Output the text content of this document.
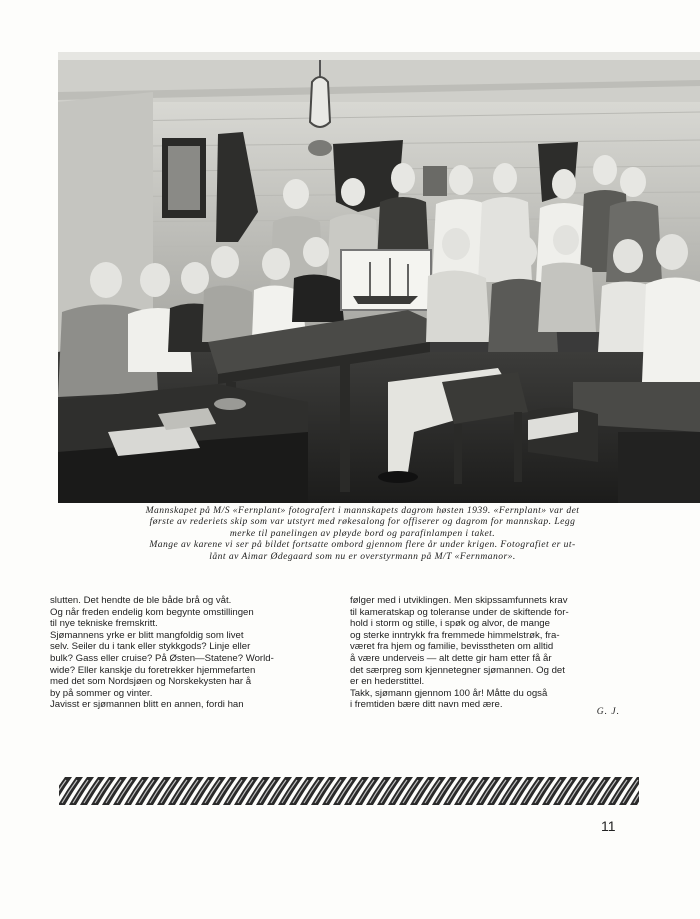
Mannskapet på M/S «Fernplant» fotografert i mannskapets dagrom høsten 1939. «Fernplant» var det
første av rederiets skip som var utstyrt med røkesalong for offiserer og dagrom for mannskap. Legg
merke til panelingen av pløyde bord og parafinlampen i taket.
Mange av karene vi ser på bildet fortsatte ombord gjennom flere år under krigen. Fotografiet er ut-
lånt av Aimar Ødegaard som nu er overstyrmann på M/T «Fernmanor».
slutten. Det hendte de ble både brå og våt.
Og når freden endelig kom begynte omstillingen
til nye tekniske fremskritt.
Sjømannens yrke er blitt mangfoldig som livet
selv. Seiler du i tank eller stykkgods? Linje eller
bulk? Gass eller cruise? På Østen—Statene? World-
wide? Eller kanskje du foretrekker hjemmefarten
med det som Nordsjøen og Norskekysten har å
by på sommer og vinter.
Javisst er sjømannen blitt en annen, fordi han
følger med i utviklingen. Men skipssamfunnets krav
til kameratskap og toleranse under de skiftende for-
hold i storm og stille, i spøk og alvor, de mange
og sterke inntrykk fra fremmede himmelstrøk, fra-
været fra hjem og familie, bevisstheten om alltid
å være underveis — alt dette gir ham etter få år
det særpreg som kjennetegner sjømannen. Og det
er en hederstittel.
Takk, sjømann gjennom 100 år! Måtte du også
i fremtiden bære ditt navn med ære.
G. J.
11
